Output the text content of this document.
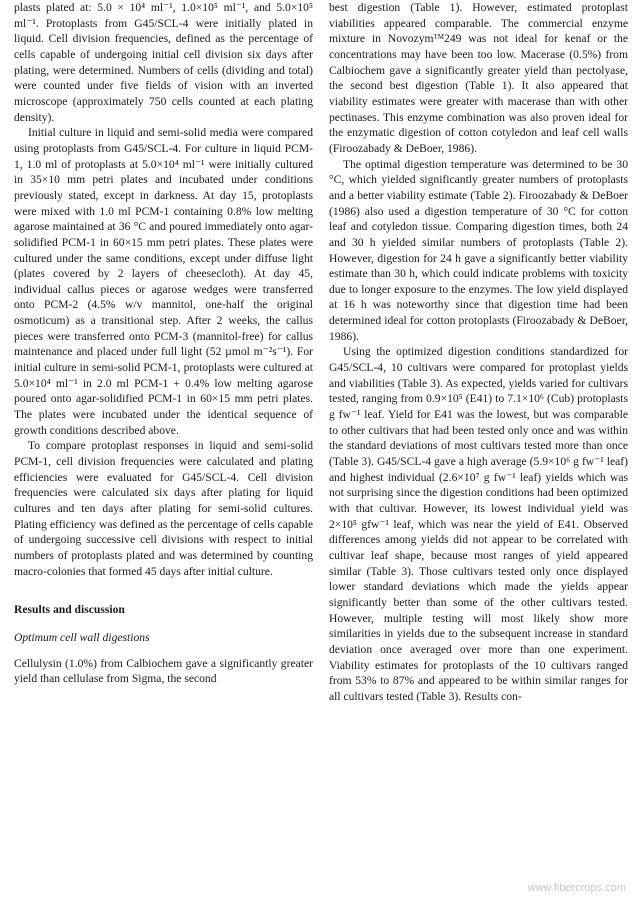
plasts plated at: 5.0 × 10⁴ ml⁻¹, 1.0×10⁵ ml⁻¹, and 5.0×10⁵ ml⁻¹. Protoplasts from G45/SCL-4 were initially plated in liquid. Cell division frequencies, defined as the percentage of cells capable of undergoing initial cell division six days after plating, were determined. Numbers of cells (dividing and total) were counted under five fields of vision with an inverted microscope (approximately 750 cells counted at each plating density).

Initial culture in liquid and semi-solid media were compared using protoplasts from G45/SCL-4. For culture in liquid PCM-1, 1.0 ml of protoplasts at 5.0×10⁴ ml⁻¹ were initially cultured in 35×10 mm petri plates and incubated under conditions previously stated, except in darkness. At day 15, protoplasts were mixed with 1.0 ml PCM-1 containing 0.8% low melting agarose maintained at 36 °C and poured immediately onto agar-solidified PCM-1 in 60×15 mm petri plates. These plates were cultured under the same conditions, except under diffuse light (plates covered by 2 layers of cheesecloth). At day 45, individual callus pieces or agarose wedges were transferred onto PCM-2 (4.5% w/v mannitol, one-half the original osmoticum) as a transitional step. After 2 weeks, the callus pieces were transferred onto PCM-3 (mannitol-free) for callus maintenance and placed under full light (52 µmol m⁻²s⁻¹). For initial culture in semi-solid PCM-1, protoplasts were cultured at 5.0×10⁴ ml⁻¹ in 2.0 ml PCM-1 + 0.4% low melting agarose poured onto agar-solidified PCM-1 in 60×15 mm petri plates. The plates were incubated under the identical sequence of growth conditions described above.

To compare protoplast responses in liquid and semi-solid PCM-1, cell division frequencies were calculated and plating efficiencies were evaluated for G45/SCL-4. Cell division frequencies were calculated six days after plating for liquid cultures and ten days after plating for semi-solid cultures. Plating efficiency was defined as the percentage of cells capable of undergoing successive cell divisions with respect to initial numbers of protoplasts plated and was determined by counting macro-colonies that formed 45 days after initial culture.

Results and discussion

Optimum cell wall digestions

Cellulysin (1.0%) from Calbiochem gave a significantly greater yield than cellulase from Sigma, the second

best digestion (Table 1). However, estimated protoplast viabilities appeared comparable. The commercial enzyme mixture in Novozymᵀᴹ249 was not ideal for kenaf or the concentrations may have been too low. Macerase (0.5%) from Calbiochem gave a significantly greater yield than pectolyase, the second best digestion (Table 1). It also appeared that viability estimates were greater with macerase than with other pectinases. This enzyme combination was also proven ideal for the enzymatic digestion of cotton cotyledon and leaf cell walls (Firoozabady & DeBoer, 1986).

The optimal digestion temperature was determined to be 30 °C, which yielded significantly greater numbers of protoplasts and a better viability estimate (Table 2). Firoozabady & DeBoer (1986) also used a digestion temperature of 30 °C for cotton leaf and cotyledon tissue. Comparing digestion times, both 24 and 30 h yielded similar numbers of protoplasts (Table 2). However, digestion for 24 h gave a significantly better viability estimate than 30 h, which could indicate problems with toxicity due to longer exposure to the enzymes. The low yield displayed at 16 h was noteworthy since that digestion time had been determined ideal for cotton protoplasts (Firoozabady & DeBoer, 1986).

Using the optimized digestion conditions standardized for G45/SCL-4, 10 cultivars were compared for protoplast yields and viabilities (Table 3). As expected, yields varied for cultivars tested, ranging from 0.9×10⁵ (E41) to 7.1×10⁶ (Cub) protoplasts g fw⁻¹ leaf. Yield for E41 was the lowest, but was comparable to other cultivars that had been tested only once and was within the standard deviations of most cultivars tested more than once (Table 3). G45/SCL-4 gave a high average (5.9×10⁶ g fw⁻¹ leaf) and highest individual (2.6×10⁷ g fw⁻¹ leaf) yields which was not surprising since the digestion conditions had been optimized with that cultivar. However, its lowest individual yield was 2×10⁵ gfw⁻¹ leaf, which was near the yield of E41. Observed differences among yields did not appear to be correlated with cultivar leaf shape, because most ranges of yield appeared similar (Table 3). Those cultivars tested only once displayed lower standard deviations which made the yields appear significantly better than some of the other cultivars tested. However, multiple testing will most likely show more similarities in yields due to the subsequent increase in standard deviation once averaged over more than one experiment. Viability estimates for protoplasts of the 10 cultivars ranged from 53% to 87% and appeared to be within similar ranges for all cultivars tested (Table 3). Results con-

www.fibercrops.com
